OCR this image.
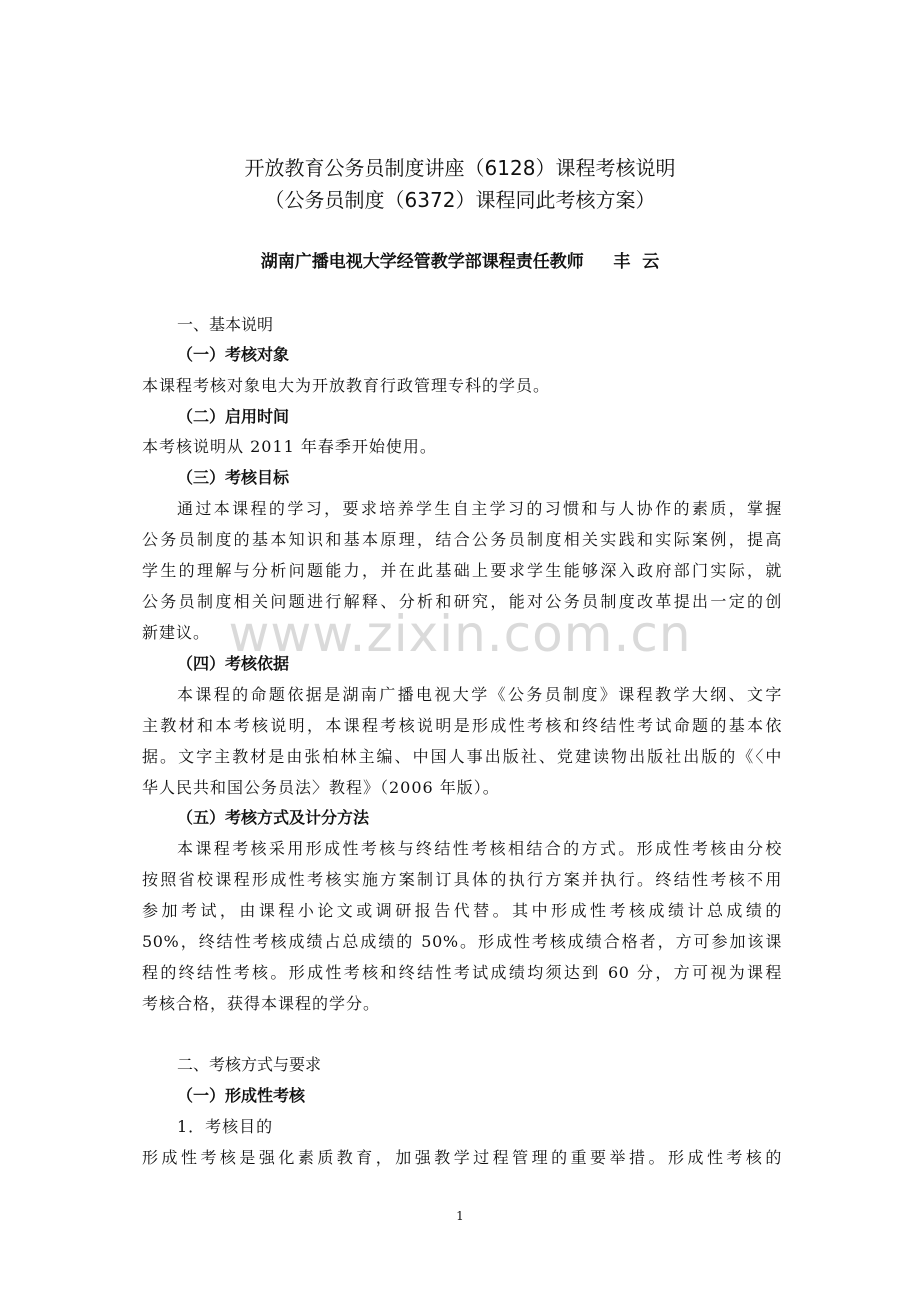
开放教育公务员制度讲座（6128）课程考核说明
（公务员制度（6372）课程同此考核方案）
湖南广播电视大学经管教学部课程责任教师     丰  云
一、基本说明
（一）考核对象
本课程考核对象电大为开放教育行政管理专科的学员。
（二）启用时间
本考核说明从 2011 年春季开始使用。
（三）考核目标
通过本课程的学习，要求培养学生自主学习的习惯和与人协作的素质，掌握
公务员制度的基本知识和基本原理，结合公务员制度相关实践和实际案例，提高
学生的理解与分析问题能力，并在此基础上要求学生能够深入政府部门实际，就
公务员制度相关问题进行解释、分析和研究，能对公务员制度改革提出一定的创
新建议。
（四）考核依据
本课程的命题依据是湖南广播电视大学《公务员制度》课程教学大纲、文字
主教材和本考核说明，本课程考核说明是形成性考核和终结性考试命题的基本依
据。文字主教材是由张柏林主编、中国人事出版社、党建读物出版社出版的《〈中
华人民共和国公务员法〉教程》（2006 年版）。
（五）考核方式及计分方法
本课程考核采用形成性考核与终结性考核相结合的方式。形成性考核由分校
按照省校课程形成性考核实施方案制订具体的执行方案并执行。终结性考核不用
参加考试，由课程小论文或调研报告代替。其中形成性考核成绩计总成绩的
50%，终结性考核成绩占总成绩的 50%。形成性考核成绩合格者，方可参加该课
程的终结性考核。形成性考核和终结性考试成绩均须达到 60 分，方可视为课程
考核合格，获得本课程的学分。
二、考核方式与要求
（一）形成性考核
1．考核目的
形成性考核是强化素质教育，加强教学过程管理的重要举措。形成性考核的
www.zixin.com.cn
1
